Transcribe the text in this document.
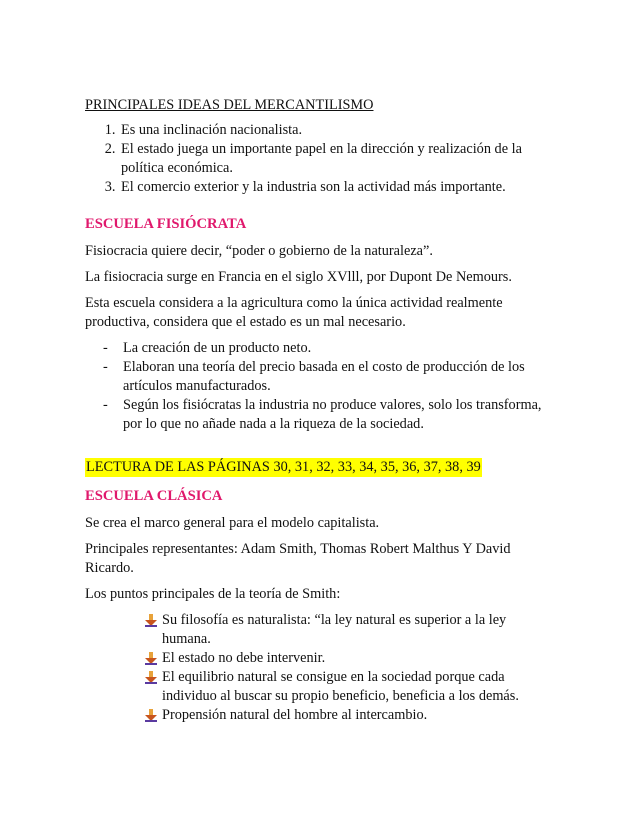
PRINCIPALES IDEAS DEL MERCANTILISMO
1. Es una inclinación nacionalista.
2. El estado juega un importante papel en la dirección y realización de la política económica.
3. El comercio exterior y la industria son la actividad más importante.
ESCUELA FISIÓCRATA

Fisiocracia quiere decir, “poder o gobierno de la naturaleza”.

La fisiocracia surge en Francia en el siglo XVlll, por Dupont De Nemours.

Esta escuela considera a la agricultura como la única actividad realmente productiva, considera que el estado es un mal necesario.

- La creación de un producto neto.
- Elaboran una teoría del precio basada en el costo de producción de los artículos manufacturados.
- Según los fisiócratas la industria no produce valores, solo los transforma, por lo que no añade nada a la riqueza de la sociedad.
LECTURA DE LAS PÁGINAS 30, 31, 32, 33, 34, 35, 36, 37, 38, 39
ESCUELA CLÁSICA

Se crea el marco general para el modelo capitalista.

Principales representantes: Adam Smith, Thomas Robert Malthus Y David Ricardo.

Los puntos principales de la teoría de Smith:

Su filosofía es naturalista: “la ley natural es superior a la ley humana.
El estado no debe intervenir.
El equilibrio natural se consigue en la sociedad porque cada individuo al buscar su propio beneficio, beneficia a los demás.
Propensión natural del hombre al intercambio.
